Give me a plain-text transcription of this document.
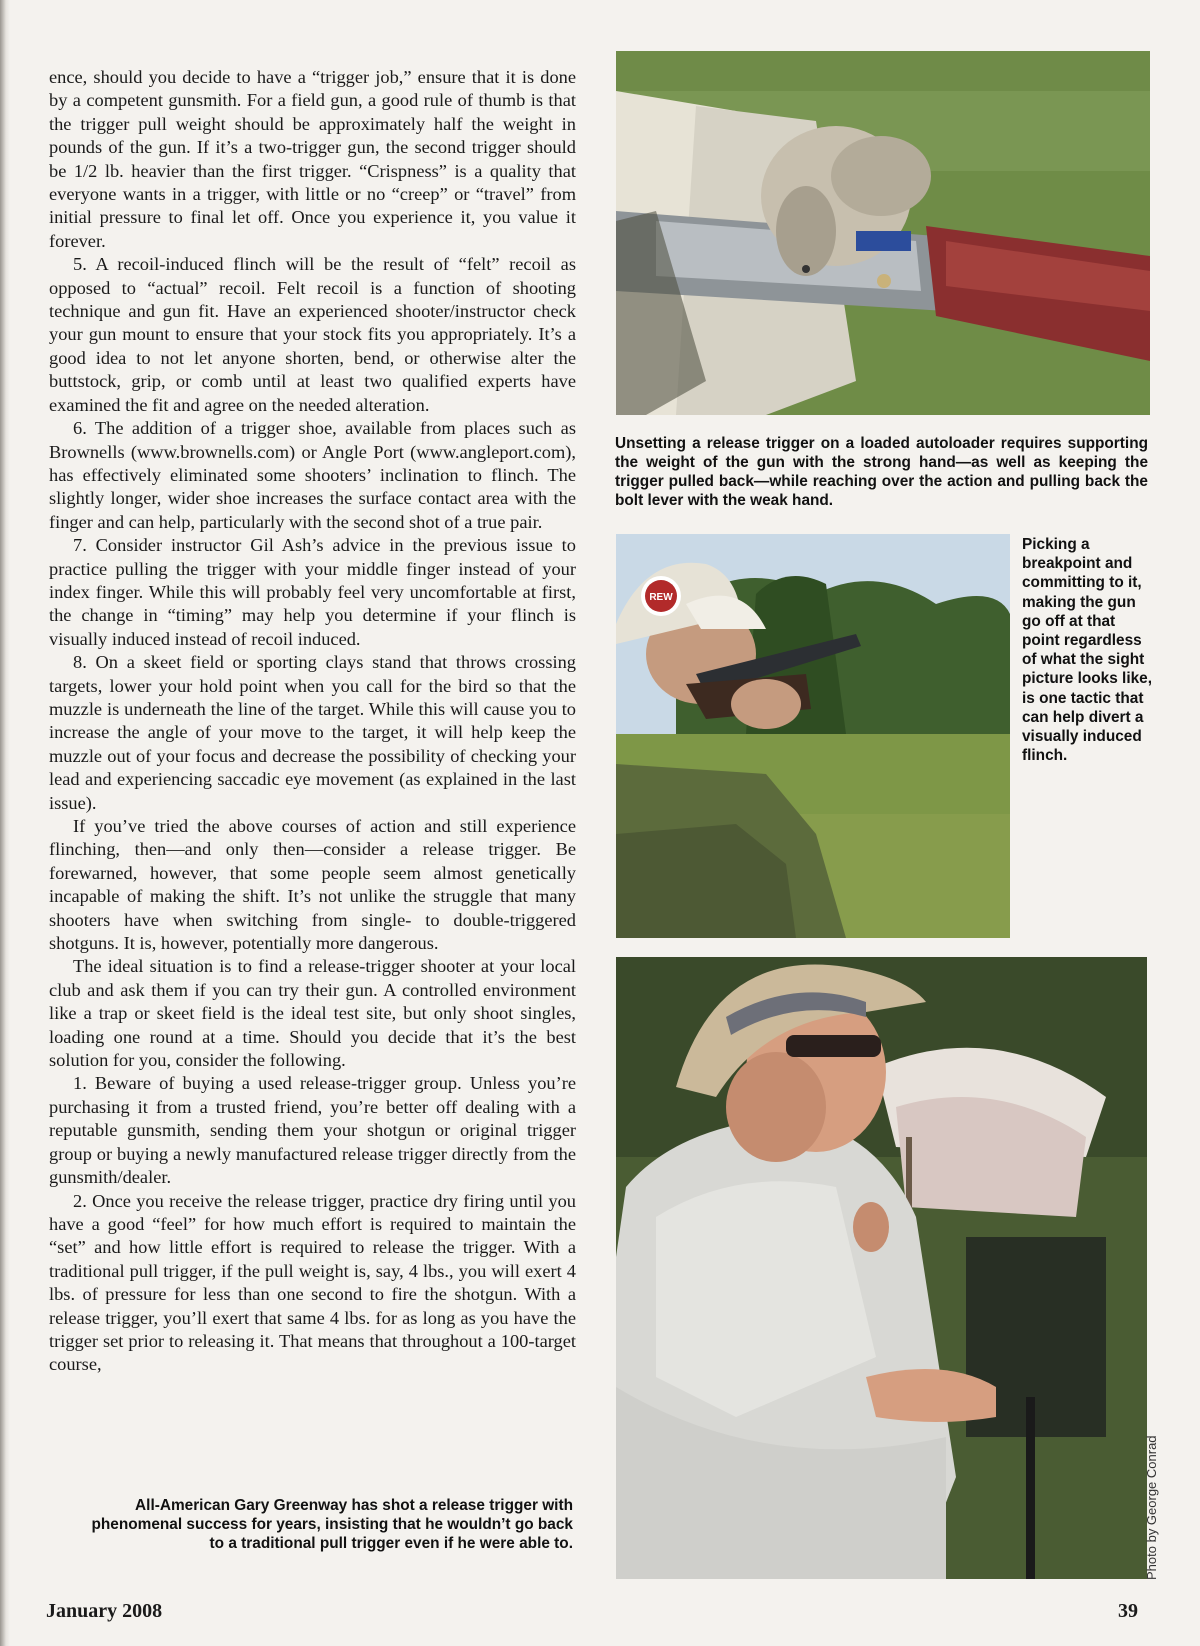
ence, should you decide to have a “trigger job,” ensure that it is done by a competent gunsmith. For a field gun, a good rule of thumb is that the trigger pull weight should be approximately half the weight in pounds of the gun. If it’s a two-trigger gun, the second trigger should be 1/2 lb. heavier than the first trigger. “Crispness” is a quality that everyone wants in a trigger, with little or no “creep” or “travel” from initial pressure to final let off. Once you experience it, you value it forever.

5. A recoil-induced flinch will be the result of “felt” recoil as opposed to “actual” recoil. Felt recoil is a function of shooting technique and gun fit. Have an experienced shooter/instructor check your gun mount to ensure that your stock fits you appropriately. It’s a good idea to not let anyone shorten, bend, or otherwise alter the buttstock, grip, or comb until at least two qualified experts have examined the fit and agree on the needed alteration.

6. The addition of a trigger shoe, available from places such as Brownells (www.brownells.com) or Angle Port (www.angleport.com), has effectively eliminated some shooters’ inclination to flinch. The slightly longer, wider shoe increases the surface contact area with the finger and can help, particularly with the second shot of a true pair.

7. Consider instructor Gil Ash’s advice in the previous issue to practice pulling the trigger with your middle finger instead of your index finger. While this will probably feel very uncomfortable at first, the change in “timing” may help you determine if your flinch is visually induced instead of recoil induced.

8. On a skeet field or sporting clays stand that throws crossing targets, lower your hold point when you call for the bird so that the muzzle is underneath the line of the target. While this will cause you to increase the angle of your move to the target, it will help keep the muzzle out of your focus and decrease the possibility of checking your lead and experiencing saccadic eye movement (as explained in the last issue).

If you’ve tried the above courses of action and still experience flinching, then—and only then—consider a release trigger. Be forewarned, however, that some people seem almost genetically incapable of making the shift. It’s not unlike the struggle that many shooters have when switching from single- to double-triggered shotguns. It is, however, potentially more dangerous.

The ideal situation is to find a release-trigger shooter at your local club and ask them if you can try their gun. A controlled environment like a trap or skeet field is the ideal test site, but only shoot singles, loading one round at a time. Should you decide that it’s the best solution for you, consider the following.

1. Beware of buying a used release-trigger group. Unless you’re purchasing it from a trusted friend, you’re better off dealing with a reputable gunsmith, sending them your shotgun or original trigger group or buying a newly manufactured release trigger directly from the gunsmith/dealer.

2. Once you receive the release trigger, practice dry firing until you have a good “feel” for how much effort is required to maintain the “set” and how little effort is required to release the trigger. With a traditional pull trigger, if the pull weight is, say, 4 lbs., you will exert 4 lbs. of pressure for less than one second to fire the shotgun. With a release trigger, you’ll exert that same 4 lbs. for as long as you have the trigger set prior to releasing it. That means that throughout a 100-target course,

Unsetting a release trigger on a loaded autoloader requires supporting the weight of the gun with the strong hand—as well as keeping the trigger pulled back—while reaching over the action and pulling back the bolt lever with the weak hand.
REW
Picking a breakpoint and committing to it, making the gun go off at that point regardless of what the sight picture looks like, is one tactic that can help divert a visually induced flinch.
Photo by George Conrad
All-American Gary Greenway has shot a release trigger with phenomenal success for years, insisting that he wouldn’t go back to a traditional pull trigger even if he were able to.
January 2008	39
